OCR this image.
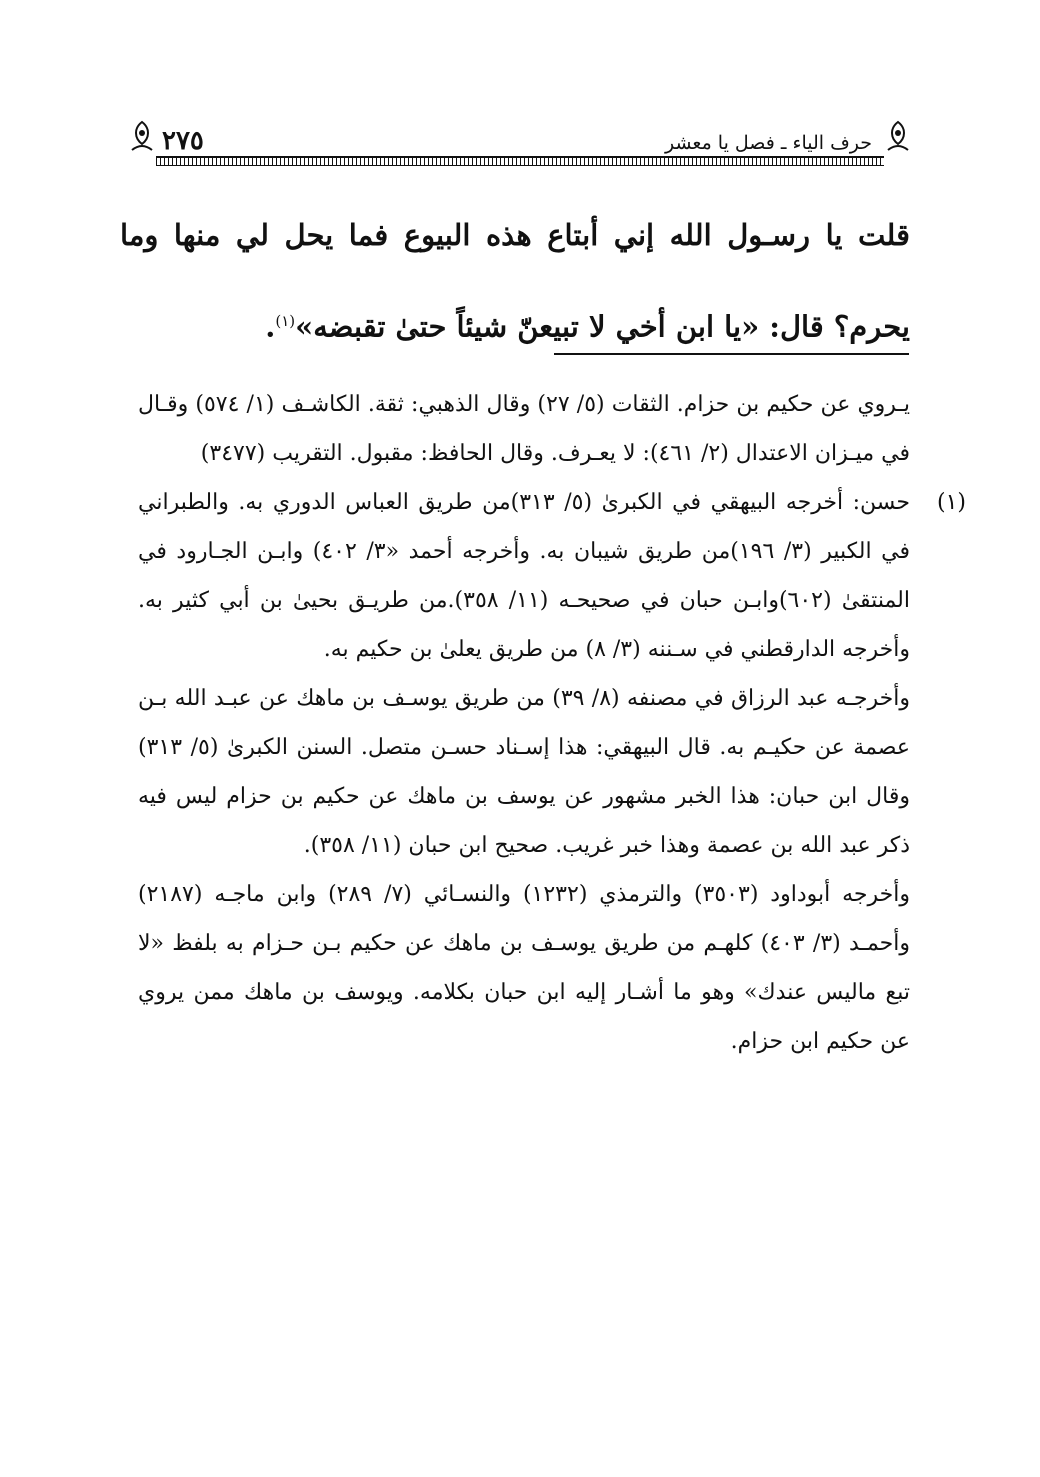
حرف الياء ـ فصل يا معشر
٢٧٥
قلت يا رسـول الله إني أبتاع هذه البيوع فما يحل لي منها وما يحرم؟ قال: «يا ابن أخي لا تبيعنّ شيئاً حتىٰ تقبضه»$^{(١)}$.

يـروي عن حكيم بن حزام. الثقات (٥/ ٢٧) وقال الذهبي: ثقة. الكاشـف (١/ ٥٧٤) وقـال في ميـزان الاعتدال (٢/ ٤٦١): لا يعـرف. وقال الحافظ: مقبول. التقريب (٣٤٧٧)

(١)
حسن: أخرجه البيهقي في الكبرىٰ (٥/ ٣١٣)من طريق العباس الدوري به. والطبراني في الكبير (٣/ ١٩٦)من طريق شيبان به. وأخرجه أحمد «٣/ ٤٠٢) وابـن الجـارود في المنتقىٰ (٦٠٢)وابـن حبان في صحيحـه (١١/ ٣٥٨).من طريـق بحيىٰ بن أبي كثير به. وأخرجه الدارقطني في سـننه (٣/ ٨) من طريق يعلىٰ بن حكيم به.

وأخرجـه عبد الرزاق في مصنفه (٨/ ٣٩) من طريق يوسـف بن ماهك عن عبـد الله بـن عصمة عن حكيـم به. قال البيهقي: هذا إسـناد حسـن متصل. السنن الكبرىٰ (٥/ ٣١٣) وقال ابن حبان: هذا الخبر مشهور عن يوسف بن ماهك عن حكيم بن حزام ليس فيه ذكر عبد الله بن عصمة وهذا خبر غريب. صحيح ابن حبان (١١/ ٣٥٨).

وأخرجه أبوداود (٣٥٠٣) والترمذي (١٢٣٢) والنسـائي (٧/ ٢٨٩) وابن ماجـه (٢١٨٧) وأحمـد (٣/ ٤٠٣) كلهـم من طريق يوسـف بن ماهك عن حكيم بـن حـزام به بلفظ «لا تبع ماليس عندك» وهو ما أشـار إليه ابن حبان بكلامه. ويوسف بن ماهك ممن يروي عن حكيم ابن حزام.
